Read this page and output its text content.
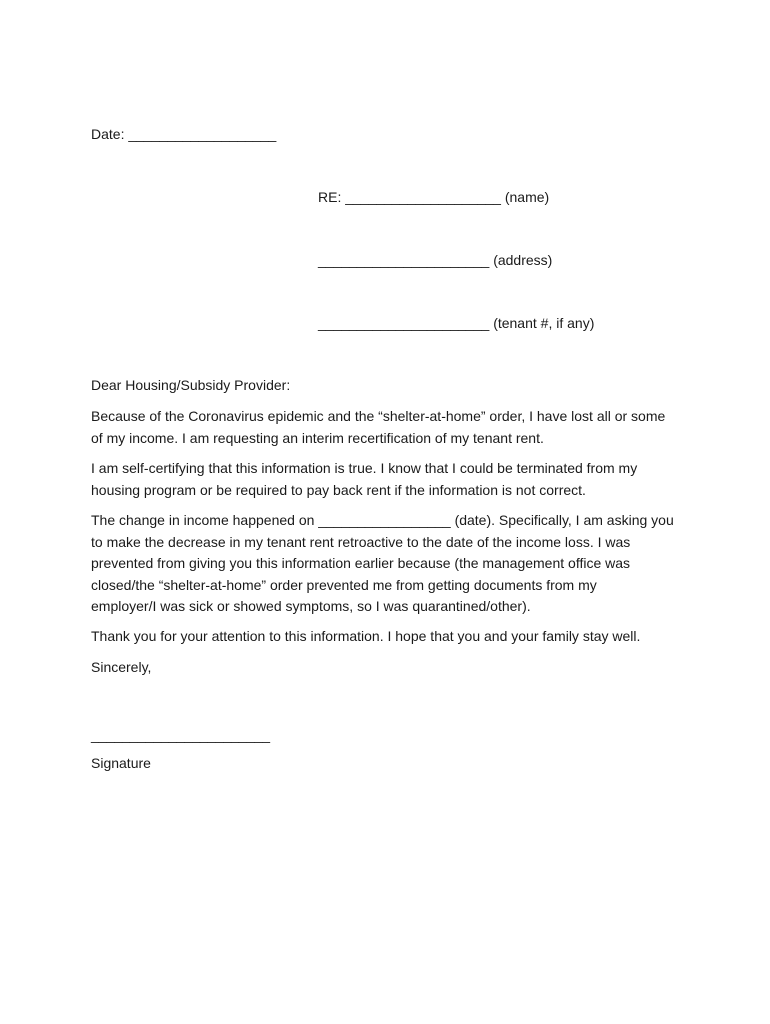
Date: ___________________
RE: ____________________ (name)
______________________ (address)
______________________ (tenant #, if any)
Dear Housing/Subsidy Provider:
Because of the Coronavirus epidemic and the “shelter-at-home” order, I have lost all or some
of my income. I am requesting an interim recertification of my tenant rent.
I am self-certifying that this information is true. I know that I could be terminated from my
housing program or be required to pay back rent if the information is not correct.
The change in income happened on _________________ (date). Specifically, I am asking you
to make the decrease in my tenant rent retroactive to the date of the income loss. I was
prevented from giving you this information earlier because (the management office was
closed/the “shelter-at-home” order prevented me from getting documents from my
employer/I was sick or showed symptoms, so I was quarantined/other).
Thank you for your attention to this information. I hope that you and your family stay well.
Sincerely,
_______________________
Signature
